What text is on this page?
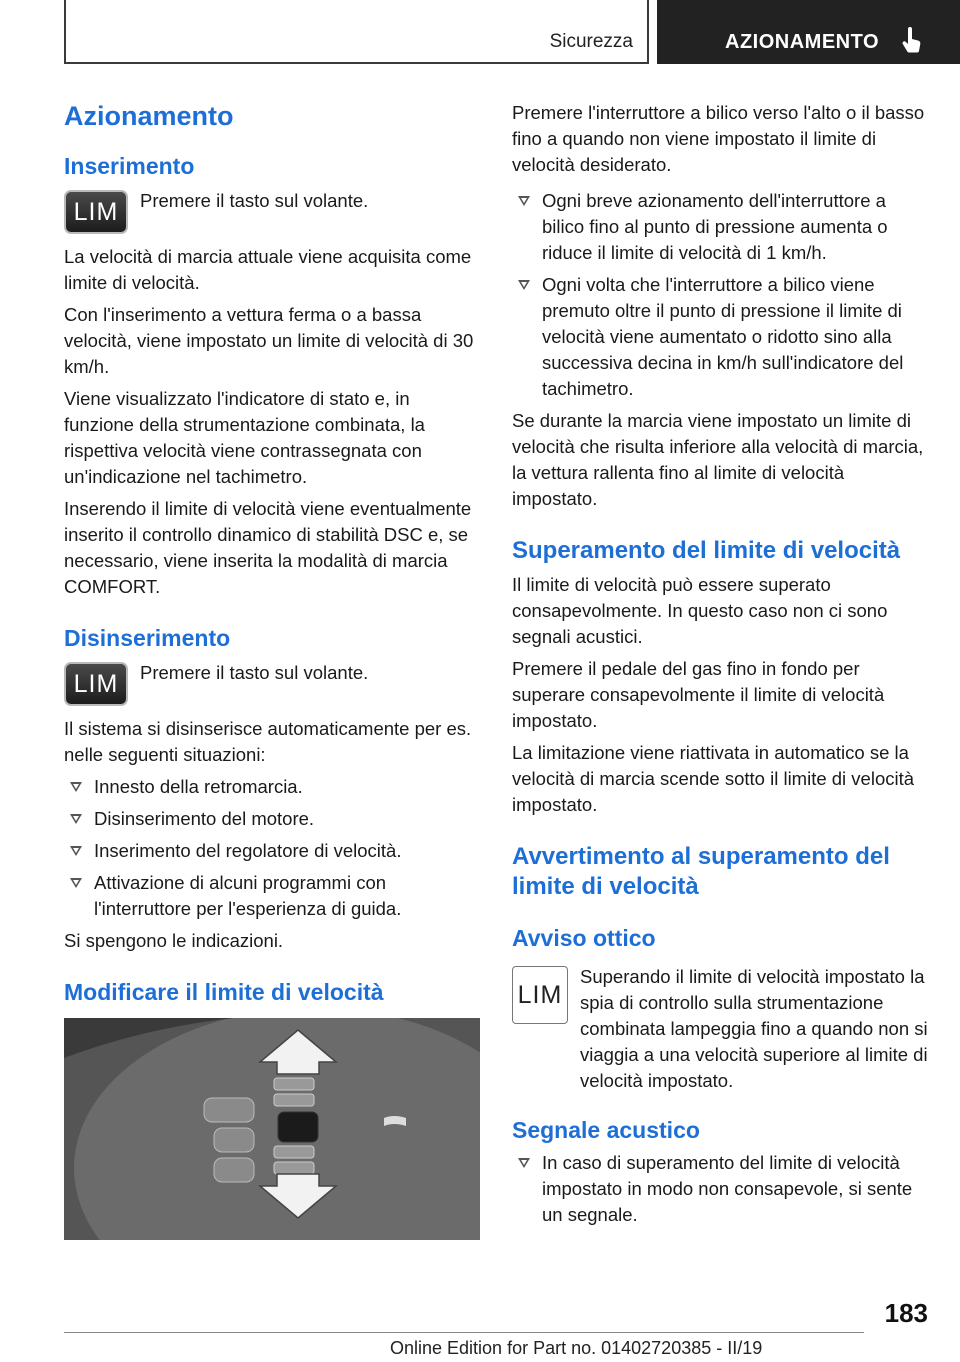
Sicurezza	AZIONAMENTO
Azionamento
Inserimento
LIM	Premere il tasto sul volante.

La velocità di marcia attuale viene acquisita come limite di velocità.

Con l'inserimento a vettura ferma o a bassa velocità, viene impostato un limite di velocità di 30 km/h.

Viene visualizzato l'indicatore di stato e, in funzione della strumentazione combinata, la rispettiva velocità viene contrassegnata con un'indicazione nel tachimetro.

Inserendo il limite di velocità viene eventualmente inserito il controllo dinamico di stabilità DSC e, se necessario, viene inserita la modalità di marcia COMFORT.

Disinserimento
LIM	Premere il tasto sul volante.

Il sistema si disinserisce automaticamente per es. nelle seguenti situazioni:

Innesto della retromarcia.
Disinserimento del motore.
Inserimento del regolatore di velocità.
Attivazione di alcuni programmi con l'interruttore per l'esperienza di guida.

Si spengono le indicazioni.

Modificare il limite di velocità

Premere l'interruttore a bilico verso l'alto o il basso fino a quando non viene impostato il limite di velocità desiderato.

Ogni breve azionamento dell'interruttore a bilico fino al punto di pressione aumenta o riduce il limite di velocità di 1 km/h.
Ogni volta che l'interruttore a bilico viene premuto oltre il punto di pressione il limite di velocità viene aumentato o ridotto sino alla successiva decina in km/h sull'indicatore del tachimetro.

Se durante la marcia viene impostato un limite di velocità che risulta inferiore alla velocità di marcia, la vettura rallenta fino al limite di velocità impostato.

Superamento del limite di velocità

Il limite di velocità può essere superato consapevolmente. In questo caso non ci sono segnali acustici.

Premere il pedale del gas fino in fondo per superare consapevolmente il limite di velocità impostato.

La limitazione viene riattivata in automatico se la velocità di marcia scende sotto il limite di velocità impostato.

Avvertimento al superamento del limite di velocità
Avviso ottico
LIM

Superando il limite di velocità impostato la spia di controllo sulla strumentazione combinata lampeggia fino a quando non si viaggia a una velocità superiore al limite di velocità impostato.

Segnale acustico
In caso di superamento del limite di velocità impostato in modo non consapevole, si sente un segnale.
183
Online Edition for Part no. 01402720385 - II/19
